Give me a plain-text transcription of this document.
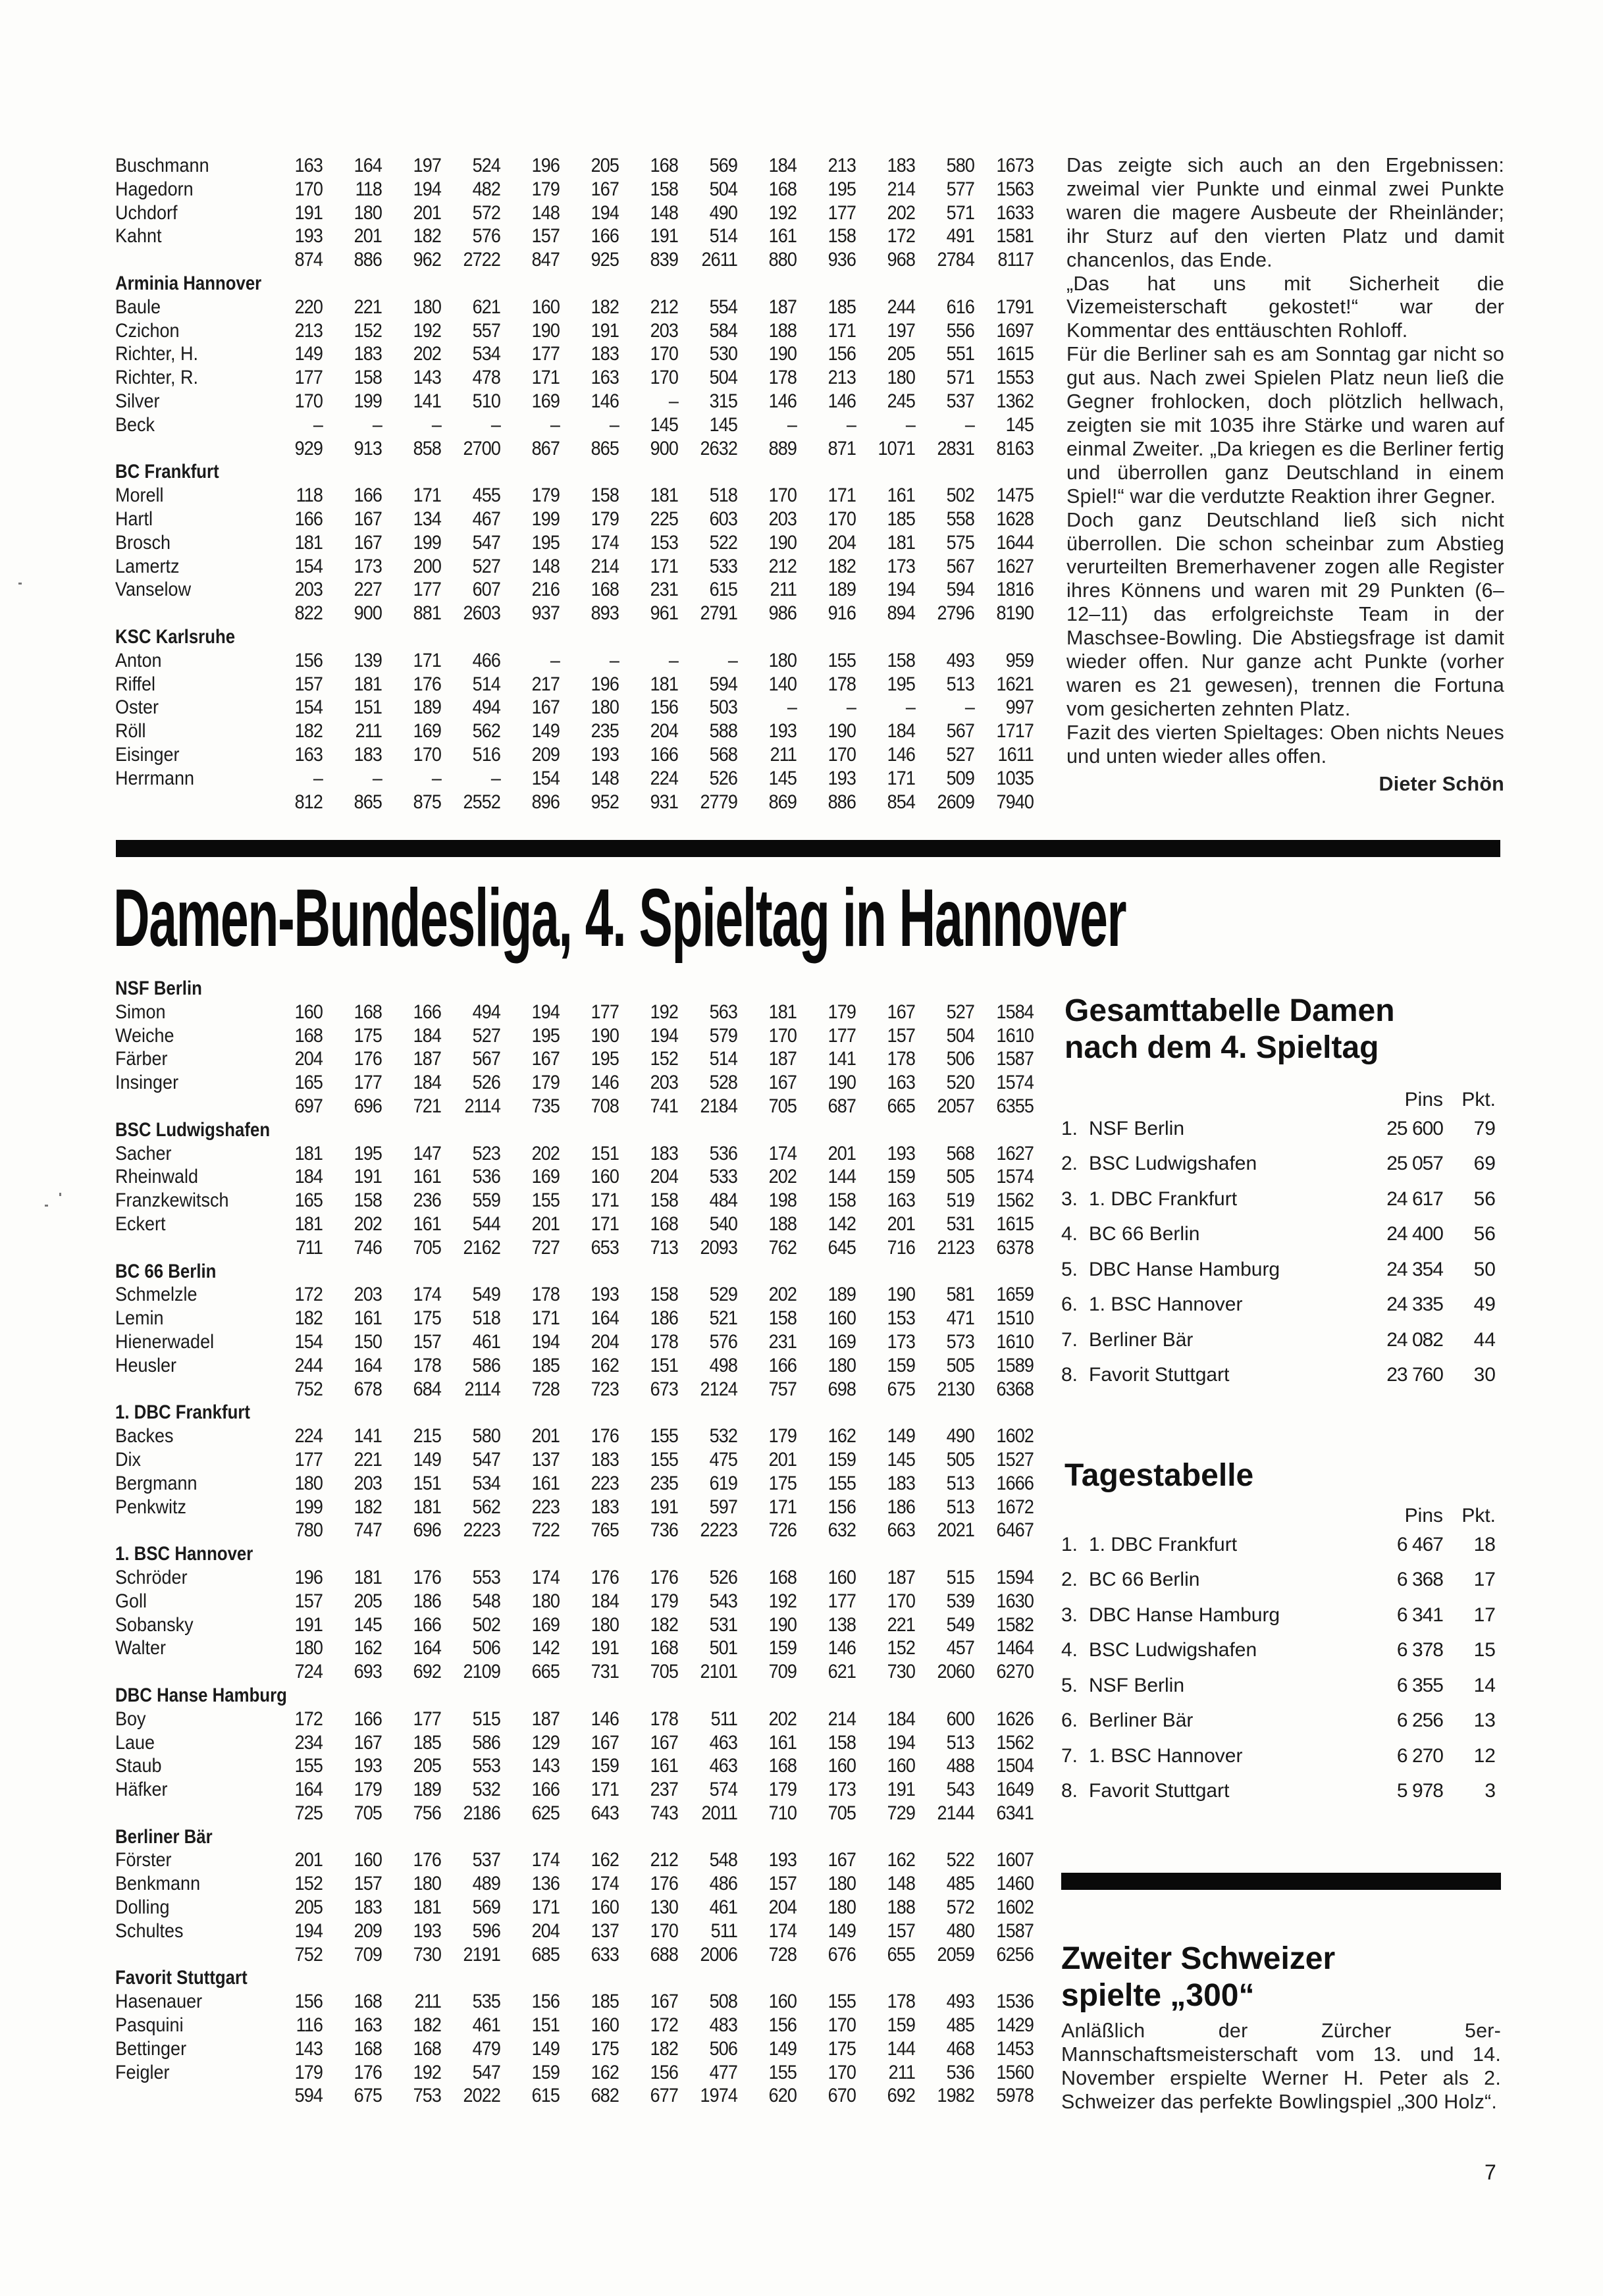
Buschmann	163	164	197	524	196	205	168	569	184	213	183	580	1673
Hagedorn	170	118	194	482	179	167	158	504	168	195	214	577	1563
Uchdorf	191	180	201	572	148	194	148	490	192	177	202	571	1633
Kahnt	193	201	182	576	157	166	191	514	161	158	172	491	1581
874	886	962	2722	847	925	839	2611	880	936	968	2784	8117
Arminia Hannover
Baule	220	221	180	621	160	182	212	554	187	185	244	616	1791
Czichon	213	152	192	557	190	191	203	584	188	171	197	556	1697
Richter, H.	149	183	202	534	177	183	170	530	190	156	205	551	1615
Richter, R.	177	158	143	478	171	163	170	504	178	213	180	571	1553
Silver	170	199	141	510	169	146	–	315	146	146	245	537	1362
Beck	–	–	–	–	–	–	145	145	–	–	–	–	145
929	913	858	2700	867	865	900	2632	889	871	1071	2831	8163
BC Frankfurt
Morell	118	166	171	455	179	158	181	518	170	171	161	502	1475
Hartl	166	167	134	467	199	179	225	603	203	170	185	558	1628
Brosch	181	167	199	547	195	174	153	522	190	204	181	575	1644
Lamertz	154	173	200	527	148	214	171	533	212	182	173	567	1627
Vanselow	203	227	177	607	216	168	231	615	211	189	194	594	1816
822	900	881	2603	937	893	961	2791	986	916	894	2796	8190
KSC Karlsruhe
Anton	156	139	171	466	–	–	–	–	180	155	158	493	959
Riffel	157	181	176	514	217	196	181	594	140	178	195	513	1621
Oster	154	151	189	494	167	180	156	503	–	–	–	–	997
Röll	182	211	169	562	149	235	204	588	193	190	184	567	1717
Eisinger	163	183	170	516	209	193	166	568	211	170	146	527	1611
Herrmann	–	–	–	–	154	148	224	526	145	193	171	509	1035
812	865	875	2552	896	952	931	2779	869	886	854	2609	7940

Das zeigte sich auch an den Ergebnissen: zweimal vier Punkte und einmal zwei Punkte waren die magere Ausbeute der Rheinländer; ihr Sturz auf den vierten Platz und damit chancenlos, das Ende.

„Das hat uns mit Sicherheit die Vizemeisterschaft gekostet!“ war der Kommentar des enttäuschten Rohloff.

Für die Berliner sah es am Sonntag gar nicht so gut aus. Nach zwei Spielen Platz neun ließ die Gegner frohlocken, doch plötzlich hellwach, zeigten sie mit 1035 ihre Stärke und waren auf einmal Zweiter. „Da kriegen es die Berliner fertig und überrollen ganz Deutschland in einem Spiel!“ war die verdutzte Reaktion ihrer Gegner.

Doch ganz Deutschland ließ sich nicht überrollen. Die schon scheinbar zum Abstieg verurteilten Bremerhavener zogen alle Register ihres Könnens und waren mit 29 Punkten (6–12–11) das erfolgreichste Team in der Maschsee-Bowling. Die Abstiegsfrage ist damit wieder offen. Nur ganze acht Punkte (vorher waren es 21 gewesen), trennen die Fortuna vom gesicherten zehnten Platz.

Fazit des vierten Spieltages: Oben nichts Neues und unten wieder alles offen.

Dieter Schön

Damen-Bundesliga, 4. Spieltag in Hannover
NSF Berlin
Simon	160	168	166	494	194	177	192	563	181	179	167	527	1584
Weiche	168	175	184	527	195	190	194	579	170	177	157	504	1610
Färber	204	176	187	567	167	195	152	514	187	141	178	506	1587
Insinger	165	177	184	526	179	146	203	528	167	190	163	520	1574
697	696	721	2114	735	708	741	2184	705	687	665	2057	6355
BSC Ludwigshafen
Sacher	181	195	147	523	202	151	183	536	174	201	193	568	1627
Rheinwald	184	191	161	536	169	160	204	533	202	144	159	505	1574
Franzkewitsch	165	158	236	559	155	171	158	484	198	158	163	519	1562
Eckert	181	202	161	544	201	171	168	540	188	142	201	531	1615
711	746	705	2162	727	653	713	2093	762	645	716	2123	6378
BC 66 Berlin
Schmelzle	172	203	174	549	178	193	158	529	202	189	190	581	1659
Lemin	182	161	175	518	171	164	186	521	158	160	153	471	1510
Hienerwadel	154	150	157	461	194	204	178	576	231	169	173	573	1610
Heusler	244	164	178	586	185	162	151	498	166	180	159	505	1589
752	678	684	2114	728	723	673	2124	757	698	675	2130	6368
1. DBC Frankfurt
Backes	224	141	215	580	201	176	155	532	179	162	149	490	1602
Dix	177	221	149	547	137	183	155	475	201	159	145	505	1527
Bergmann	180	203	151	534	161	223	235	619	175	155	183	513	1666
Penkwitz	199	182	181	562	223	183	191	597	171	156	186	513	1672
780	747	696	2223	722	765	736	2223	726	632	663	2021	6467
1. BSC Hannover
Schröder	196	181	176	553	174	176	176	526	168	160	187	515	1594
Goll	157	205	186	548	180	184	179	543	192	177	170	539	1630
Sobansky	191	145	166	502	169	180	182	531	190	138	221	549	1582
Walter	180	162	164	506	142	191	168	501	159	146	152	457	1464
724	693	692	2109	665	731	705	2101	709	621	730	2060	6270
DBC Hanse Hamburg
Boy	172	166	177	515	187	146	178	511	202	214	184	600	1626
Laue	234	167	185	586	129	167	167	463	161	158	194	513	1562
Staub	155	193	205	553	143	159	161	463	168	160	160	488	1504
Häfker	164	179	189	532	166	171	237	574	179	173	191	543	1649
725	705	756	2186	625	643	743	2011	710	705	729	2144	6341
Berliner Bär
Förster	201	160	176	537	174	162	212	548	193	167	162	522	1607
Benkmann	152	157	180	489	136	174	176	486	157	180	148	485	1460
Dolling	205	183	181	569	171	160	130	461	204	180	188	572	1602
Schultes	194	209	193	596	204	137	170	511	174	149	157	480	1587
752	709	730	2191	685	633	688	2006	728	676	655	2059	6256
Favorit Stuttgart
Hasenauer	156	168	211	535	156	185	167	508	160	155	178	493	1536
Pasquini	116	163	182	461	151	160	172	483	156	170	159	485	1429
Bettinger	143	168	168	479	149	175	182	506	149	175	144	468	1453
Feigler	179	176	192	547	159	162	156	477	155	170	211	536	1560
594	675	753	2022	615	682	677	1974	620	670	692	1982	5978
Gesamttabelle Damen
nach dem 4. Spieltag
Pins Pkt.
1. NSF Berlin	25 600	79
2. BSC Ludwigshafen	25 057	69
3. 1. DBC Frankfurt	24 617	56
4. BC 66 Berlin	24 400	56
5. DBC Hanse Hamburg	24 354	50
6. 1. BSC Hannover	24 335	49
7. Berliner Bär	24 082	44
8. Favorit Stuttgart	23 760	30
Tagestabelle
Pins Pkt.
1. 1. DBC Frankfurt	6 467	18
2. BC 66 Berlin	6 368	17
3. DBC Hanse Hamburg	6 341	17
4. BSC Ludwigshafen	6 378	15
5. NSF Berlin	6 355	14
6. Berliner Bär	6 256	13
7. 1. BSC Hannover	6 270	12
8. Favorit Stuttgart	5 978	3
Zweiter Schweizer
spielte „300“
Anläßlich der Zürcher 5er-Mannschaftsmeisterschaft vom 13. und 14. November erspielte Werner H. Peter als 2. Schweizer das perfekte Bowlingspiel „300 Holz“.
7
